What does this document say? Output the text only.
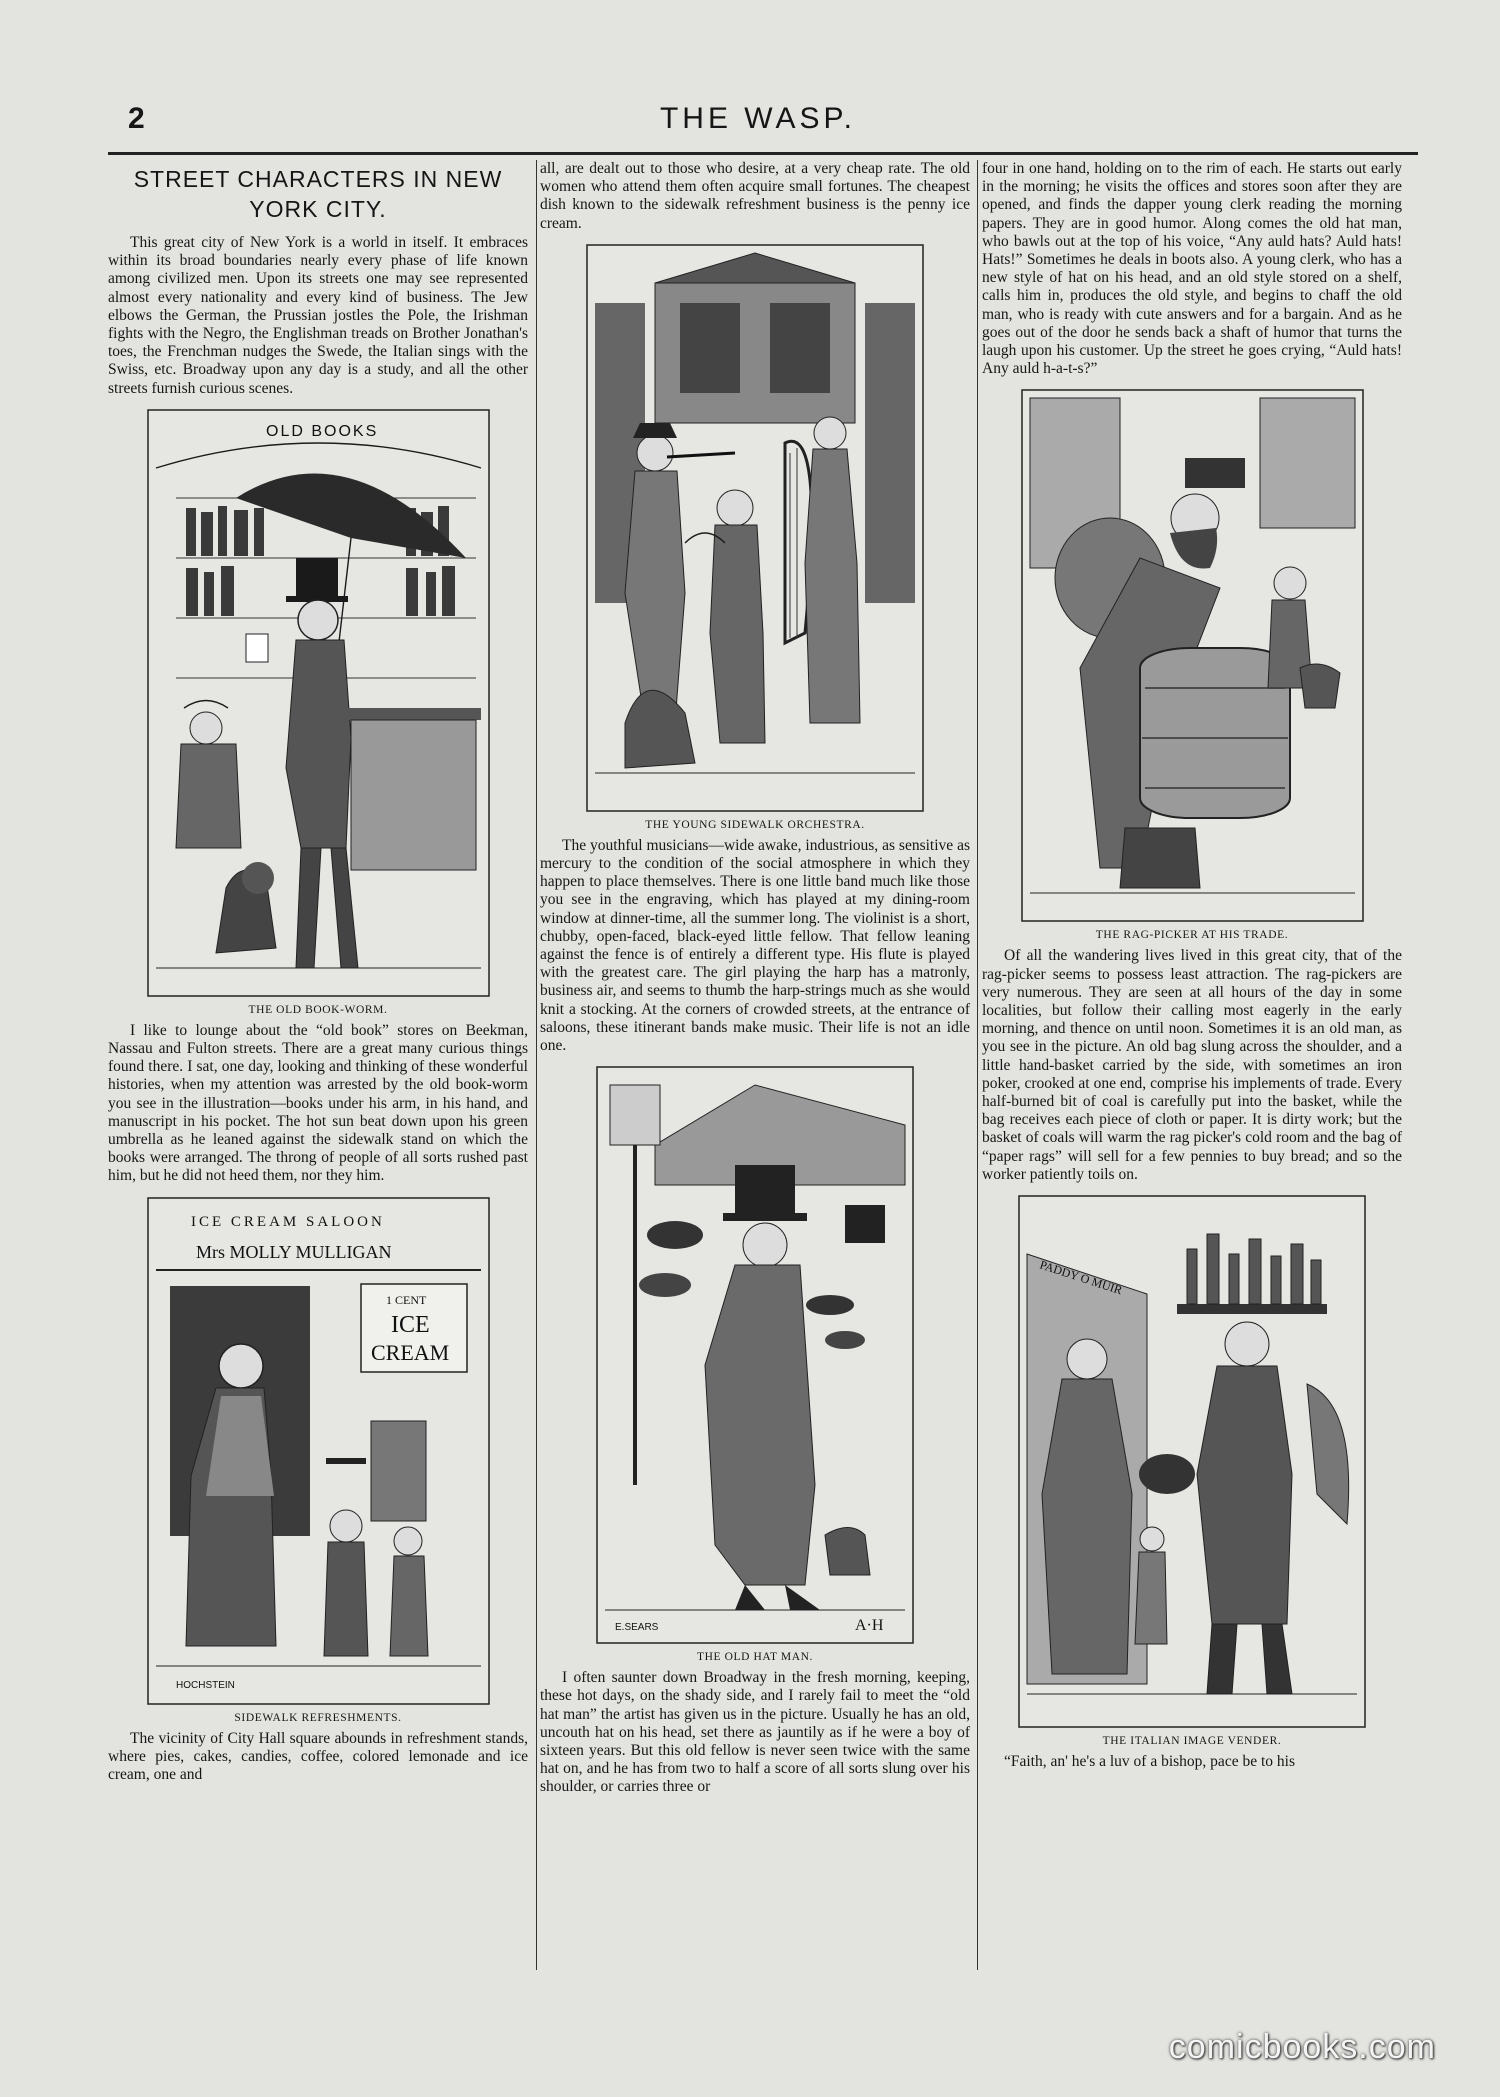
2	THE WASP.
STREET CHARACTERS IN NEW YORK CITY.

This great city of New York is a world in itself. It embraces within its broad boundaries nearly every phase of life known among civilized men. Upon its streets one may see represented almost every nationality and every kind of business. The Jew elbows the German, the Prussian jostles the Pole, the Irishman fights with the Negro, the Englishman treads on Brother Jonathan's toes, the Frenchman nudges the Swede, the Italian sings with the Swiss, etc. Broadway upon any day is a study, and all the other streets furnish curious scenes.

OLD BOOKS
THE OLD BOOK-WORM.

I like to lounge about the “old book” stores on Beekman, Nassau and Fulton streets. There are a great many curious things found there. I sat, one day, looking and thinking of these wonderful histories, when my attention was arrested by the old book-worm you see in the illustration—books under his arm, in his hand, and manuscript in his pocket. The hot sun beat down upon his green umbrella as he leaned against the sidewalk stand on which the books were arranged. The throng of people of all sorts rushed past him, but he did not heed them, nor they him.

ICE CREAM SALOON
Mrs MOLLY MULLIGAN
1 CENT
ICE
CREAM
HOCHSTEIN
SIDEWALK REFRESHMENTS.

The vicinity of City Hall square abounds in refreshment stands, where pies, cakes, candies, coffee, colored lemonade and ice cream, one and

all, are dealt out to those who desire, at a very cheap rate. The old women who attend them often acquire small fortunes. The cheapest dish known to the sidewalk refreshment business is the penny ice cream.

THE YOUNG SIDEWALK ORCHESTRA.

The youthful musicians—wide awake, industrious, as sensitive as mercury to the condition of the social atmosphere in which they happen to place themselves. There is one little band much like those you see in the engraving, which has played at my dining-room window at dinner-time, all the summer long. The violinist is a short, chubby, open-faced, black-eyed little fellow. That fellow leaning against the fence is of entirely a different type. His flute is played with the greatest care. The girl playing the harp has a matronly, business air, and seems to thumb the harp-strings much as she would knit a stocking. At the corners of crowded streets, at the entrance of saloons, these itinerant bands make music. Their life is not an idle one.

E.SEARS	A·H
THE OLD HAT MAN.

I often saunter down Broadway in the fresh morning, keeping, these hot days, on the shady side, and I rarely fail to meet the “old hat man” the artist has given us in the picture. Usually he has an old, uncouth hat on his head, set there as jauntily as if he were a boy of sixteen years. But this old fellow is never seen twice with the same hat on, and he has from two to half a score of all sorts slung over his shoulder, or carries three or

four in one hand, holding on to the rim of each. He starts out early in the morning; he visits the offices and stores soon after they are opened, and finds the dapper young clerk reading the morning papers. They are in good humor. Along comes the old hat man, who bawls out at the top of his voice, “Any auld hats? Auld hats! Hats!” Sometimes he deals in boots also. A young clerk, who has a new style of hat on his head, and an old style stored on a shelf, calls him in, produces the old style, and begins to chaff the old man, who is ready with cute answers and for a bargain. And as he goes out of the door he sends back a shaft of humor that turns the laugh upon his customer. Up the street he goes crying, “Auld hats! Any auld h-a-t-s?”

THE RAG-PICKER AT HIS TRADE.

Of all the wandering lives lived in this great city, that of the rag-picker seems to possess least attraction. The rag-pickers are very numerous. They are seen at all hours of the day in some localities, but follow their calling most eagerly in the early morning, and thence on until noon. Sometimes it is an old man, as you see in the picture. An old bag slung across the shoulder, and a little hand-basket carried by the side, with sometimes an iron poker, crooked at one end, comprise his implements of trade. Every half-burned bit of coal is carefully put into the basket, while the bag receives each piece of cloth or paper. It is dirty work; but the basket of coals will warm the rag picker's cold room and the bag of “paper rags” will sell for a few pennies to buy bread; and so the worker patiently toils on.

PADDY O MUIR
THE ITALIAN IMAGE VENDER.

“Faith, an' he's a luv of a bishop, pace be to his

comicbooks.com
